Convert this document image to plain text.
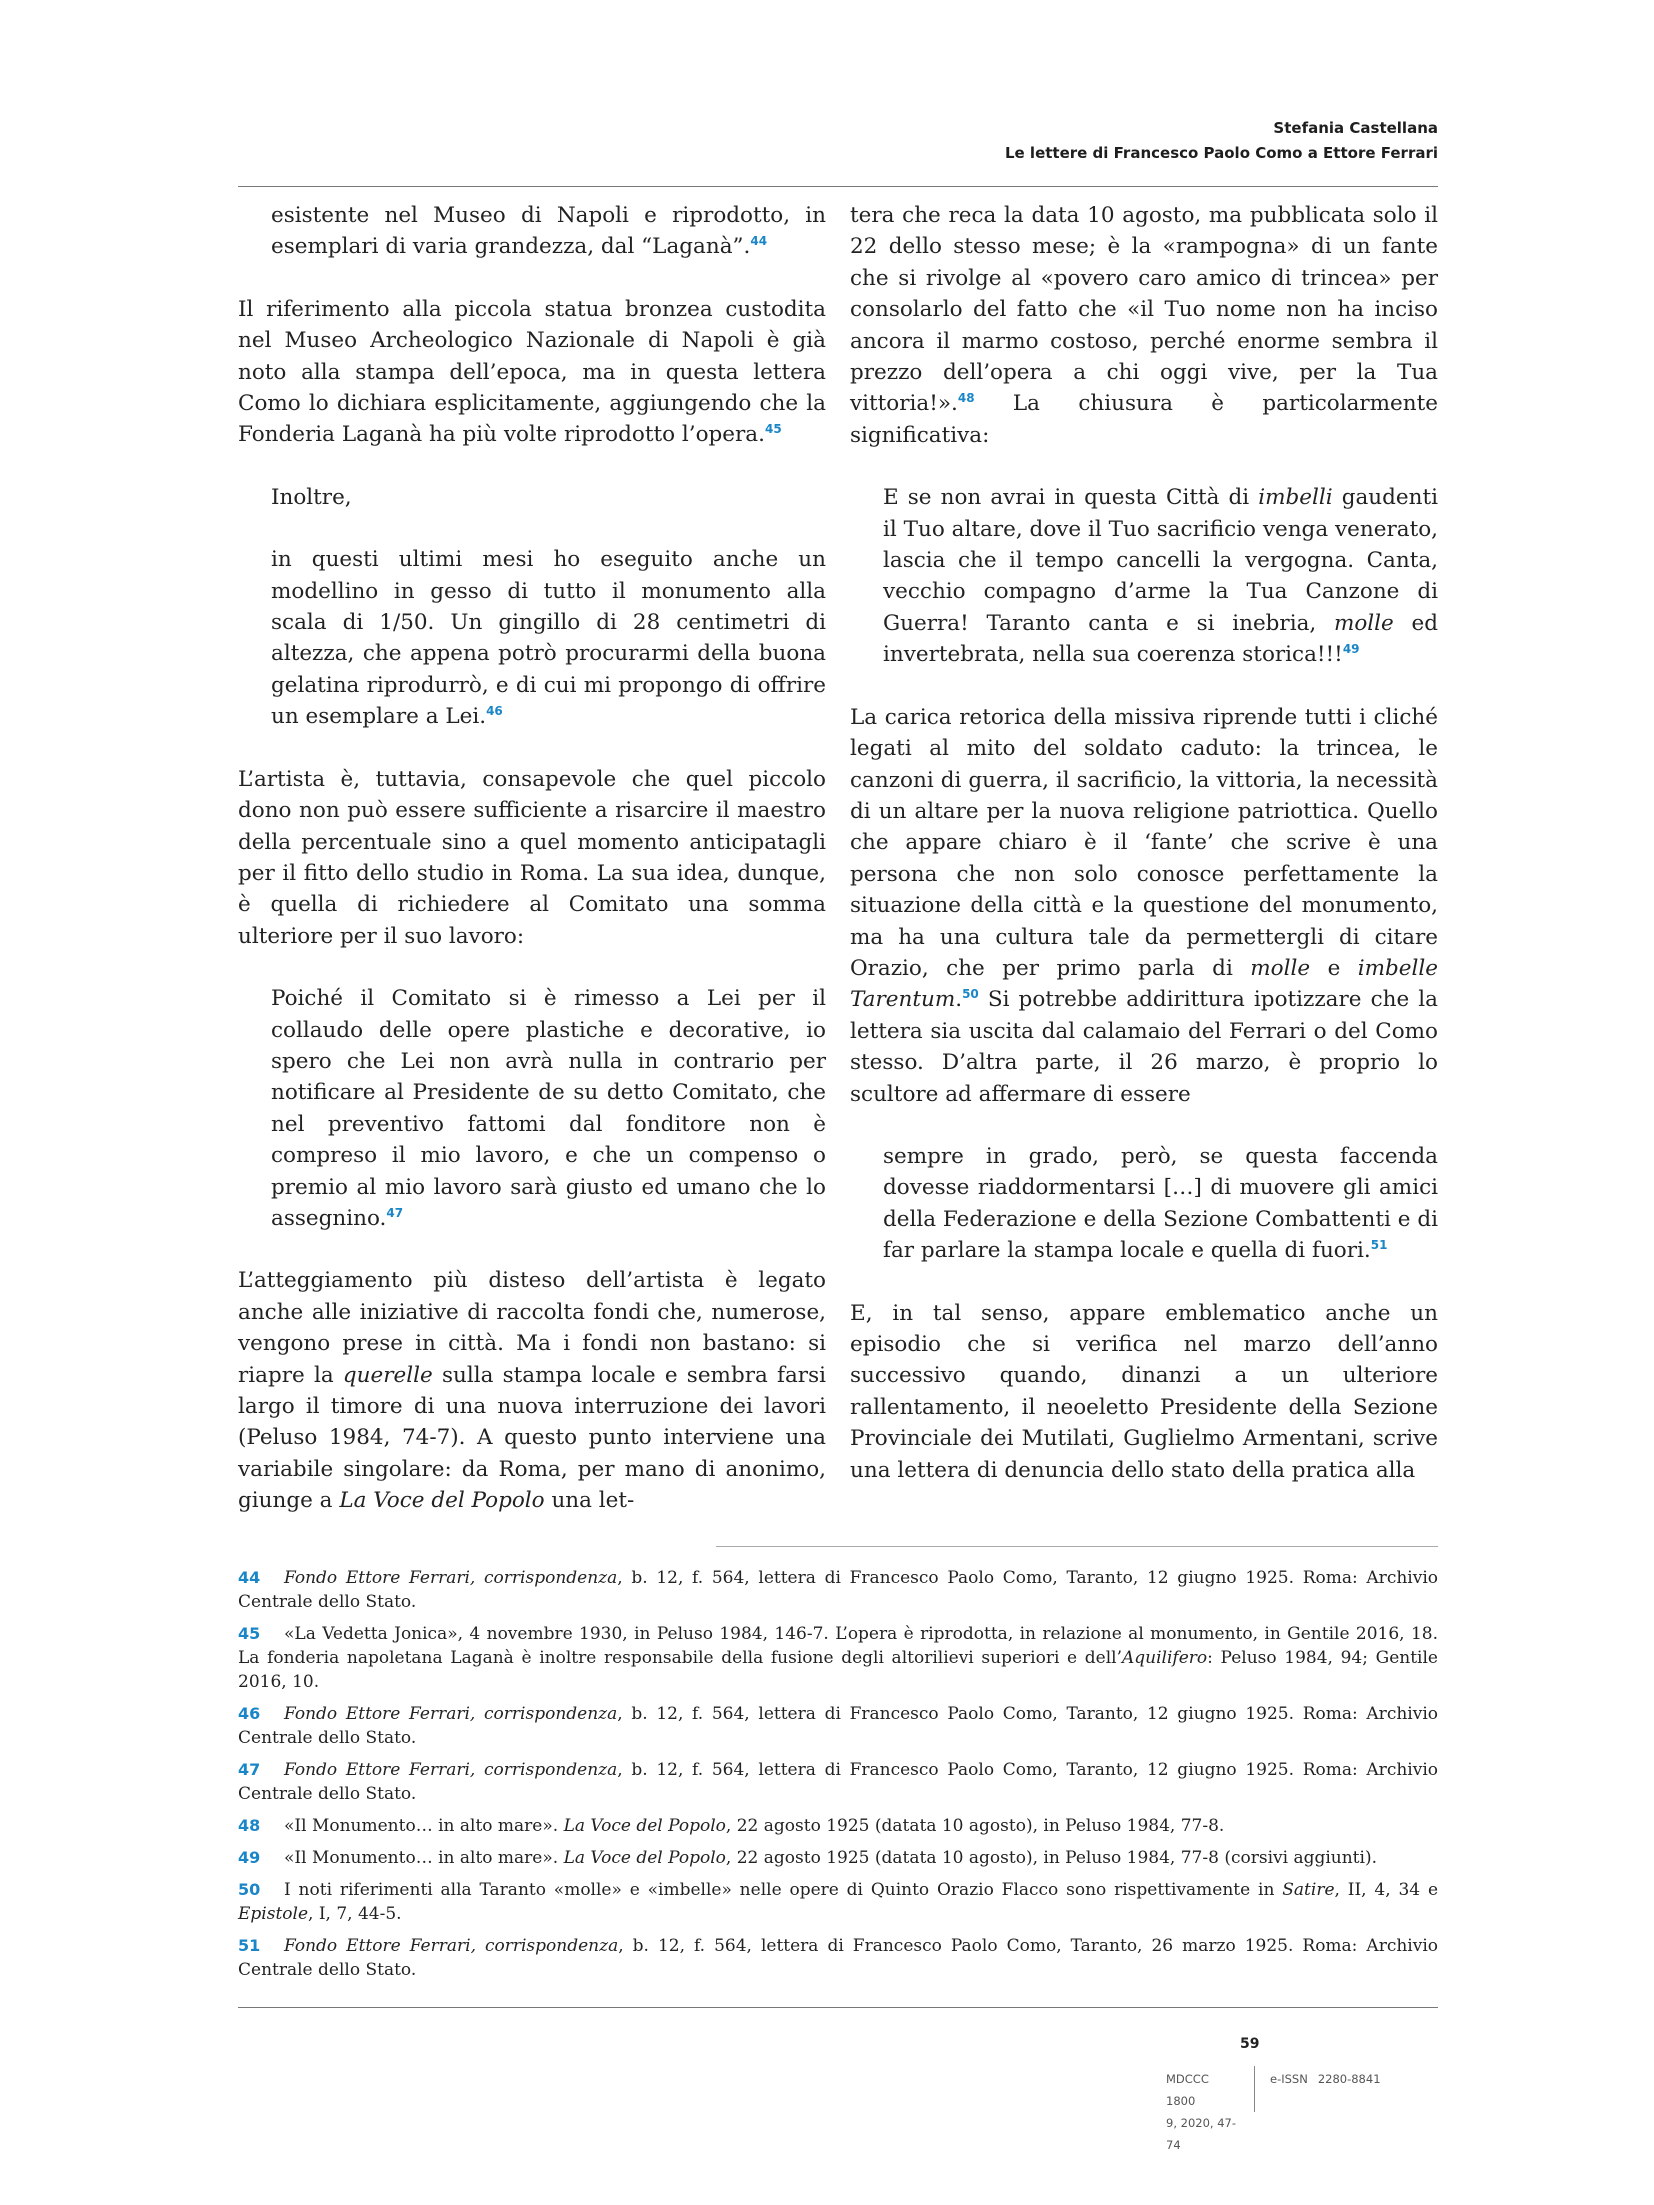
Stefania Castellana
Le lettere di Francesco Paolo Como a Ettore Ferrari

esistente nel Museo di Napoli e riprodotto, in esemplari di varia grandezza, dal “Laganà”.$^{44}$

Il riferimento alla piccola statua bronzea custodita nel Museo Archeologico Nazionale di Napoli è già noto alla stampa dell’epoca, ma in questa lettera Como lo dichiara esplicitamente, aggiungendo che la Fonderia Laganà ha più volte riprodotto l’opera.$^{45}$

Inoltre,

in questi ultimi mesi ho eseguito anche un modellino in gesso di tutto il monumento alla scala di 1/50. Un gingillo di 28 centimetri di altezza, che appena potrò procurarmi della buona gelatina riprodurrò, e di cui mi propongo di offrire un esemplare a Lei.$^{46}$

L’artista è, tuttavia, consapevole che quel piccolo dono non può essere sufficiente a risarcire il maestro della percentuale sino a quel momento anticipatagli per il fitto dello studio in Roma. La sua idea, dunque, è quella di richiedere al Comitato una somma ulteriore per il suo lavoro:

Poiché il Comitato si è rimesso a Lei per il collaudo delle opere plastiche e decorative, io spero che Lei non avrà nulla in contrario per notificare al Presidente de su detto Comitato, che nel preventivo fattomi dal fonditore non è compreso il mio lavoro, e che un compenso o premio al mio lavoro sarà giusto ed umano che lo assegnino.$^{47}$

L’atteggiamento più disteso dell’artista è legato anche alle iniziative di raccolta fondi che, numerose, vengono prese in città. Ma i fondi non bastano: si riapre la querelle sulla stampa locale e sembra farsi largo il timore di una nuova interruzione dei lavori (Peluso 1984, 74-7). A questo punto interviene una variabile singolare: da Roma, per mano di anonimo, giunge a La Voce del Popolo una let-

tera che reca la data 10 agosto, ma pubblicata solo il 22 dello stesso mese; è la «rampogna» di un fante che si rivolge al «povero caro amico di trincea» per consolarlo del fatto che «il Tuo nome non ha inciso ancora il marmo costoso, perché enorme sembra il prezzo dell’opera a chi oggi vive, per la Tua vittoria!».$^{48}$ La chiusura è particolarmente significativa:

E se non avrai in questa Città di imbelli gaudenti il Tuo altare, dove il Tuo sacrificio venga venerato, lascia che il tempo cancelli la vergogna. Canta, vecchio compagno d’arme la Tua Canzone di Guerra! Taranto canta e si inebria, molle ed invertebrata, nella sua coerenza storica!!!$^{49}$

La carica retorica della missiva riprende tutti i cliché legati al mito del soldato caduto: la trincea, le canzoni di guerra, il sacrificio, la vittoria, la necessità di un altare per la nuova religione patriottica. Quello che appare chiaro è il ‘fante’ che scrive è una persona che non solo conosce perfettamente la situazione della città e la questione del monumento, ma ha una cultura tale da permettergli di citare Orazio, che per primo parla di molle e imbelle Tarentum.$^{50}$ Si potrebbe addirittura ipotizzare che la lettera sia uscita dal calamaio del Ferrari o del Como stesso. D’altra parte, il 26 marzo, è proprio lo scultore ad affermare di essere

sempre in grado, però, se questa faccenda dovesse riaddormentarsi […] di muovere gli amici della Federazione e della Sezione Combattenti e di far parlare la stampa locale e quella di fuori.$^{51}$

E, in tal senso, appare emblematico anche un episodio che si verifica nel marzo dell’anno successivo quando, dinanzi a un ulteriore rallentamento, il neoeletto Presidente della Sezione Provinciale dei Mutilati, Guglielmo Armentani, scrive una lettera di denuncia dello stato della pratica alla

44 Fondo Ettore Ferrari, corrispondenza, b. 12, f. 564, lettera di Francesco Paolo Como, Taranto, 12 giugno 1925. Roma: Archivio Centrale dello Stato.

45 «La Vedetta Jonica», 4 novembre 1930, in Peluso 1984, 146-7. L’opera è riprodotta, in relazione al monumento, in Gentile 2016, 18. La fonderia napoletana Laganà è inoltre responsabile della fusione degli altorilievi superiori e dell’Aquilifero: Peluso 1984, 94; Gentile 2016, 10.

46 Fondo Ettore Ferrari, corrispondenza, b. 12, f. 564, lettera di Francesco Paolo Como, Taranto, 12 giugno 1925. Roma: Archivio Centrale dello Stato.

47 Fondo Ettore Ferrari, corrispondenza, b. 12, f. 564, lettera di Francesco Paolo Como, Taranto, 12 giugno 1925. Roma: Archivio Centrale dello Stato.

48 «Il Monumento… in alto mare». La Voce del Popolo, 22 agosto 1925 (datata 10 agosto), in Peluso 1984, 77-8.

49 «Il Monumento… in alto mare». La Voce del Popolo, 22 agosto 1925 (datata 10 agosto), in Peluso 1984, 77-8 (corsivi aggiunti).

50 I noti riferimenti alla Taranto «molle» e «imbelle» nelle opere di Quinto Orazio Flacco sono rispettivamente in Satire, II, 4, 34 e Epistole, I, 7, 44-5.

51 Fondo Ettore Ferrari, corrispondenza, b. 12, f. 564, lettera di Francesco Paolo Como, Taranto, 26 marzo 1925. Roma: Archivio Centrale dello Stato.

59
MDCCC 1800
9, 2020, 47-74
e-ISSN 2280-8841
